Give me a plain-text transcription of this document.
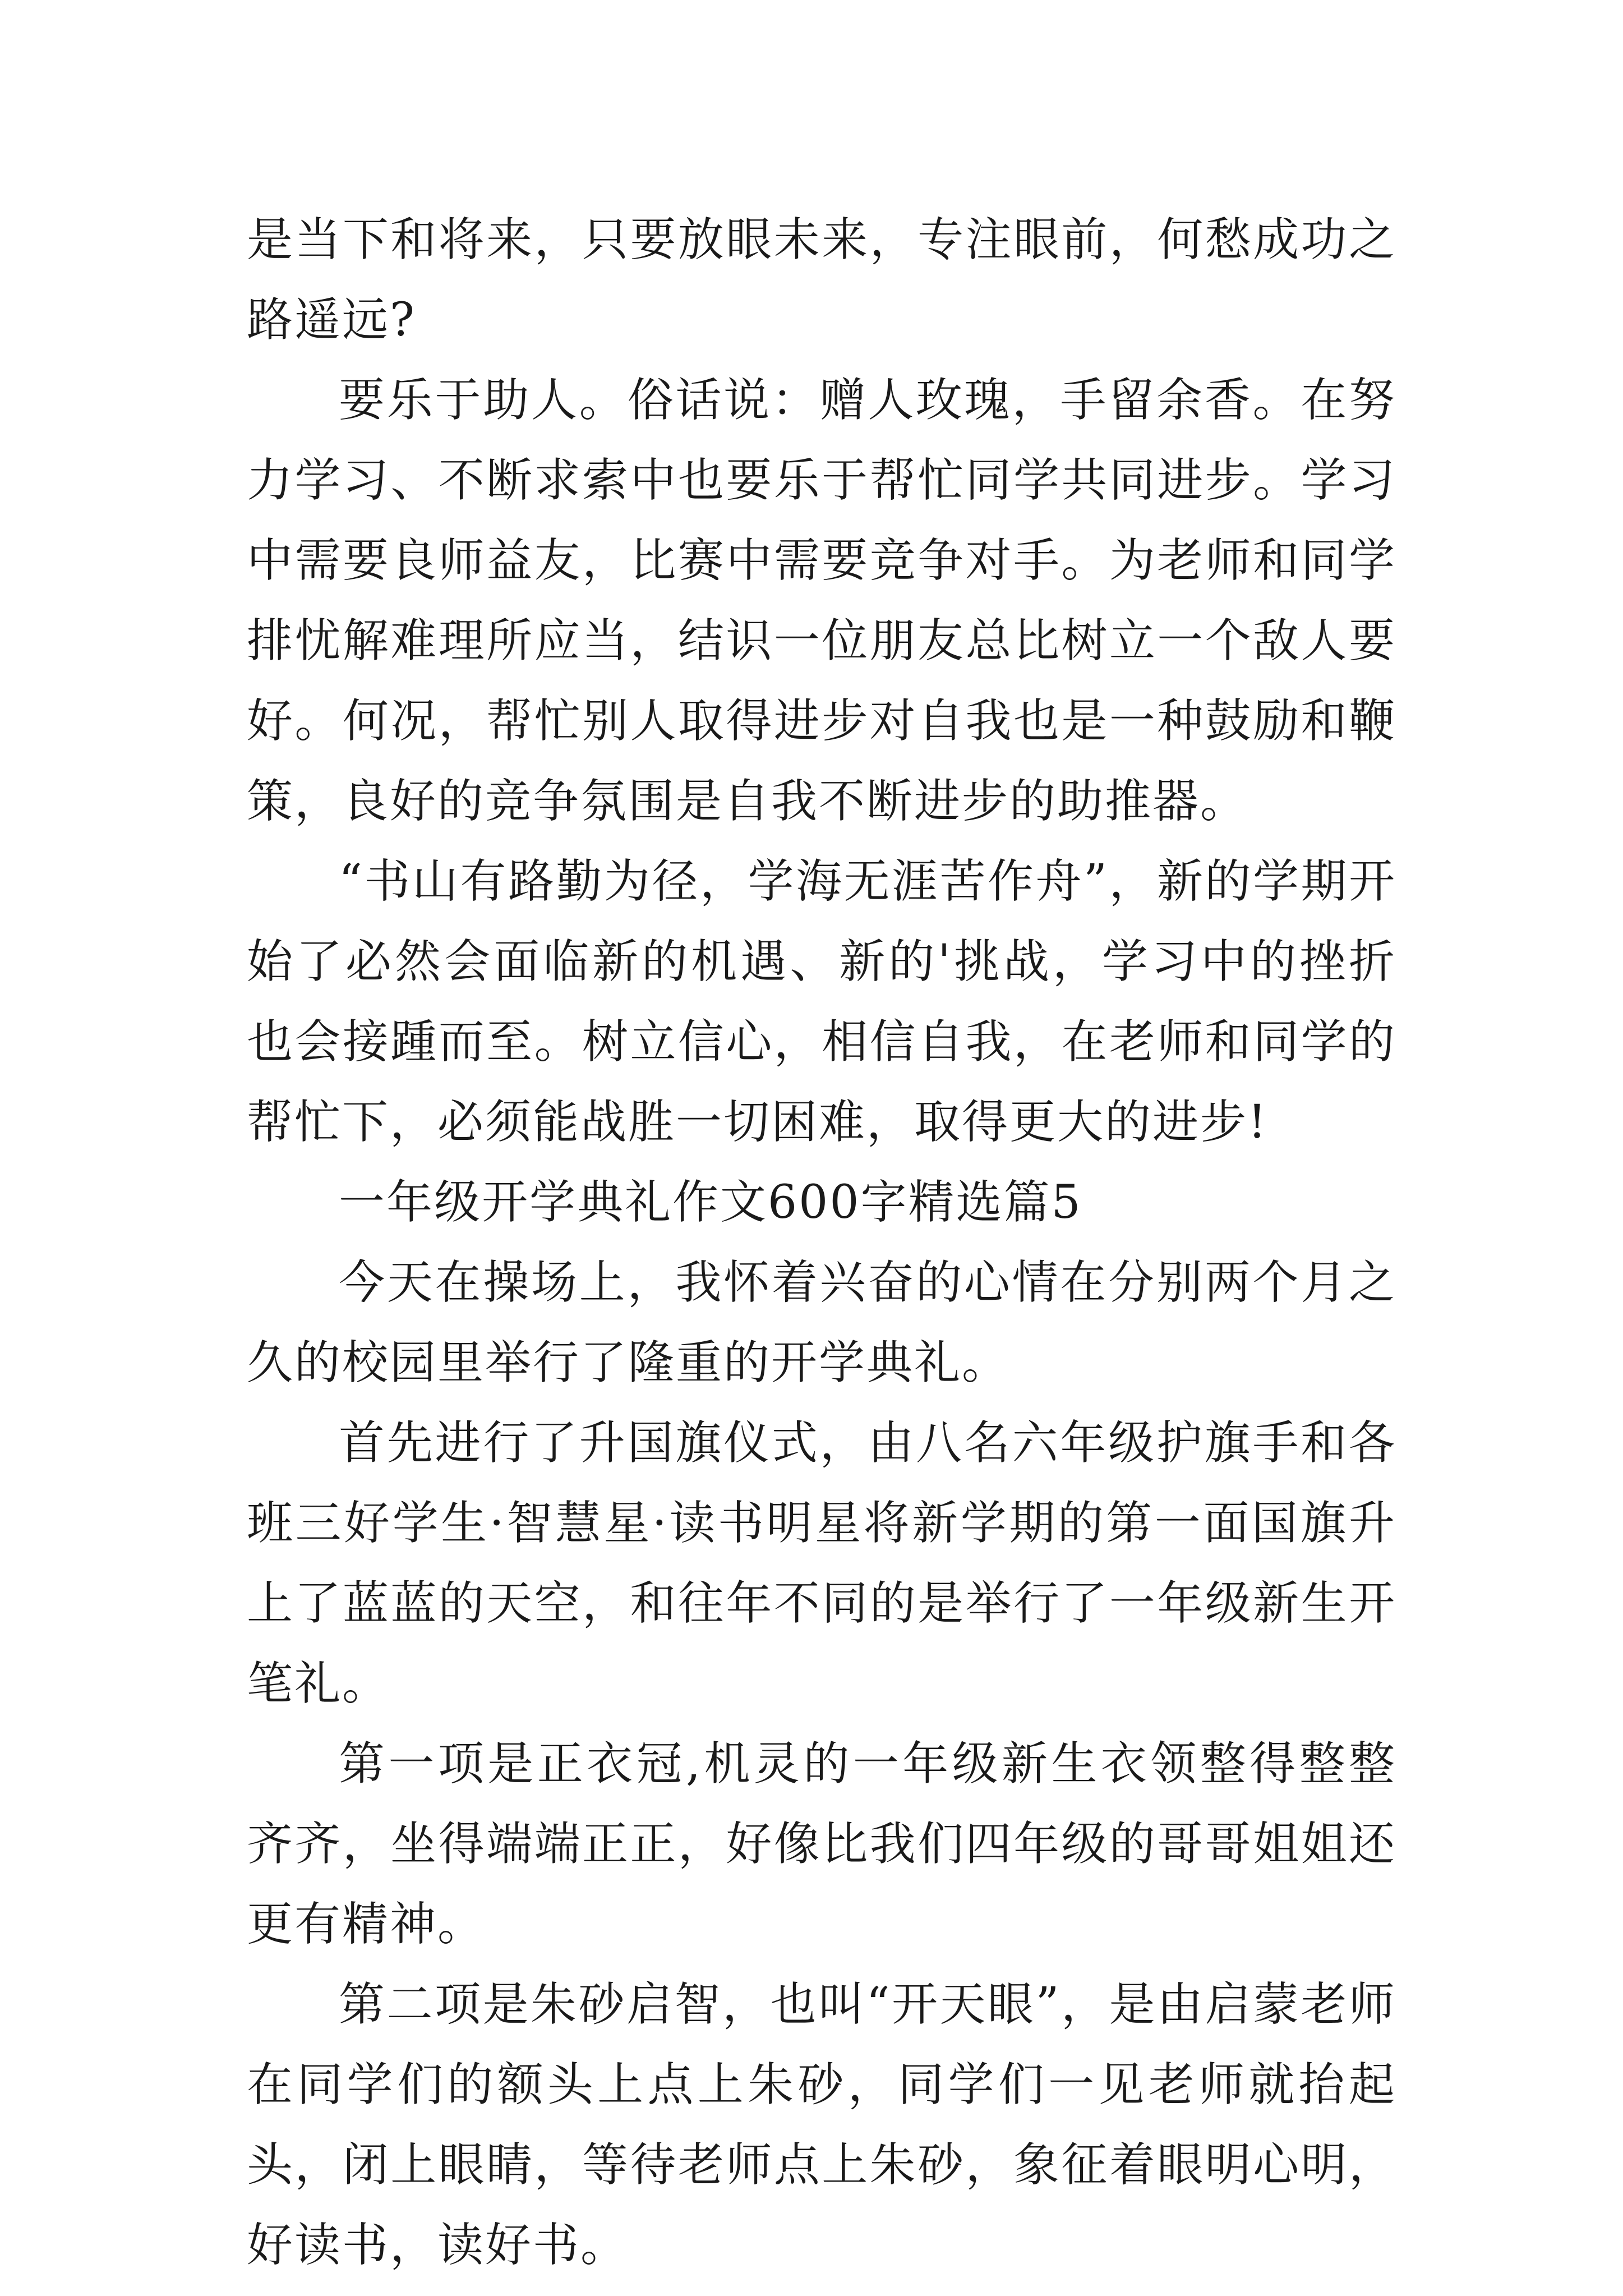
是当下和将来，只要放眼未来，专注眼前，何愁成功之路遥远?

要乐于助人。俗话说：赠人玫瑰，手留余香。在努力学习、不断求索中也要乐于帮忙同学共同进步。学习中需要良师益友，比赛中需要竞争对手。为老师和同学排忧解难理所应当，结识一位朋友总比树立一个敌人要好。何况，帮忙别人取得进步对自我也是一种鼓励和鞭策，良好的竞争氛围是自我不断进步的助推器。

“书山有路勤为径，学海无涯苦作舟”，新的学期开始了必然会面临新的机遇、新的'挑战，学习中的挫折也会接踵而至。树立信心，相信自我，在老师和同学的帮忙下，必须能战胜一切困难，取得更大的进步!

一年级开学典礼作文600字精选篇5

今天在操场上，我怀着兴奋的心情在分别两个月之久的校园里举行了隆重的开学典礼。

首先进行了升国旗仪式，由八名六年级护旗手和各班三好学生·智慧星·读书明星将新学期的第一面国旗升上了蓝蓝的天空，和往年不同的是举行了一年级新生开笔礼。

第一项是正衣冠,机灵的一年级新生衣领整得整整齐齐，坐得端端正正，好像比我们四年级的哥哥姐姐还更有精神。

第二项是朱砂启智，也叫“开天眼”，是由启蒙老师在同学们的额头上点上朱砂，同学们一见老师就抬起头，闭上眼睛，等待老师点上朱砂，象征着眼明心明，好读书，读好书。
